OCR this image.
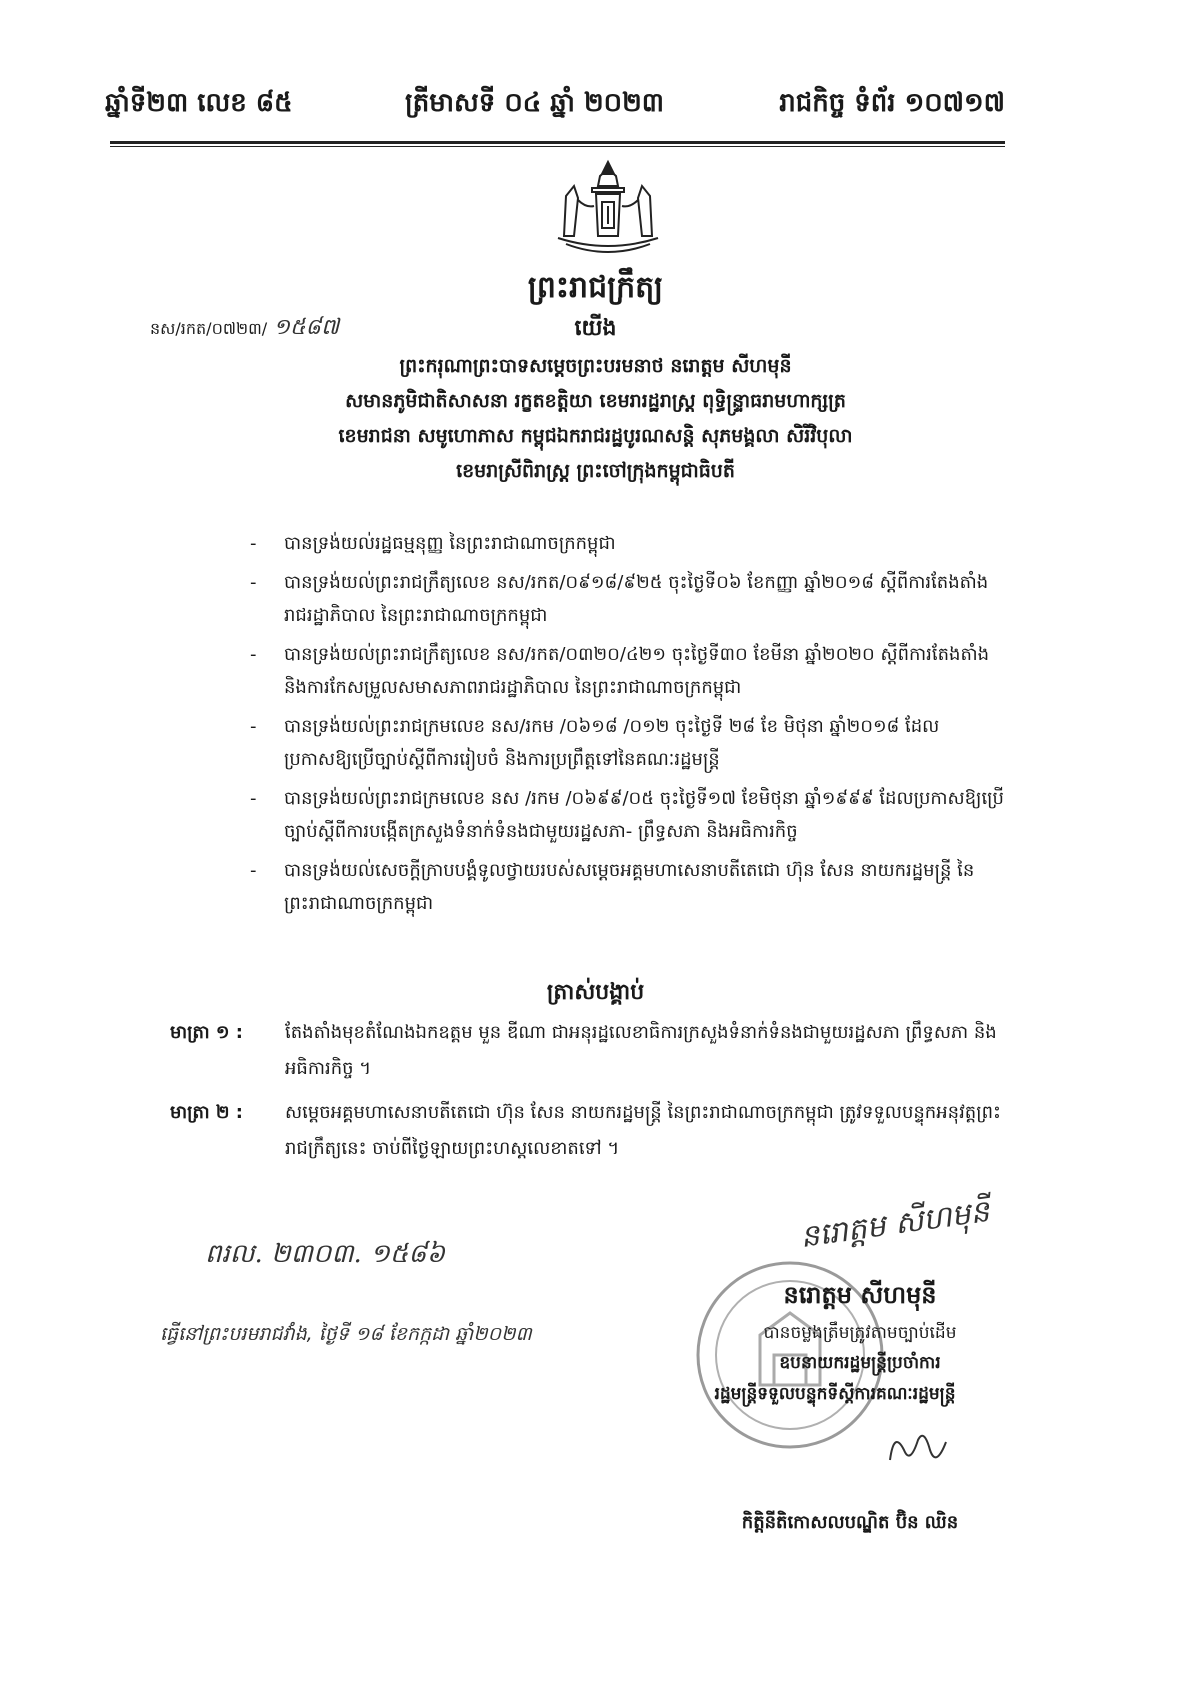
ឆ្នាំទី២៣ លេខ ៨៥	ត្រីមាសទី ០៤ ឆ្នាំ ២០២៣	រាជកិច្ច ទំព័រ ១០៧១៧
ព្រះរាជក្រឹត្យ
នស/រកត/០៧២៣/ ១៥៨៧	យើង
ព្រះករុណាព្រះបាទសម្តេចព្រះបរមនាថ នរោត្តម សីហមុនី
សមានភូមិជាតិសាសនា រក្ខតខត្តិយា ខេមរារដ្ឋរាស្ត្រ ពុទ្ធិន្ទ្រាធរាមហាក្សត្រ
ខេមរាជនា សមូហោភាស កម្ពុជឯករាជរដ្ឋបូរណសន្តិ សុភមង្គលា សិរីវិបុលា
ខេមរាស្រីពិរាស្ត្រ ព្រះចៅក្រុងកម្ពុជាធិបតី
- បានទ្រង់យល់រដ្ឋធម្មនុញ្ញ នៃព្រះរាជាណាចក្រកម្ពុជា
- បានទ្រង់យល់ព្រះរាជក្រឹត្យលេខ នស/រកត/០៩១៨/៩២៥ ចុះថ្ងៃទី០៦ ខែកញ្ញា ឆ្នាំ២០១៨ ស្តីពីការតែងតាំងរាជរដ្ឋាភិបាល នៃព្រះរាជាណាចក្រកម្ពុជា
- បានទ្រង់យល់ព្រះរាជក្រឹត្យលេខ នស/រកត/០៣២០/៤២១ ចុះថ្ងៃទី៣០ ខែមីនា ឆ្នាំ២០២០ ស្តីពីការតែងតាំង និងការកែសម្រួលសមាសភាពរាជរដ្ឋាភិបាល នៃព្រះរាជាណាចក្រកម្ពុជា
- បានទ្រង់យល់ព្រះរាជក្រមលេខ នស/រកម /០៦១៨ /០១២ ចុះថ្ងៃទី ២៨ ខែ មិថុនា ឆ្នាំ២០១៨ ដែលប្រកាសឱ្យប្រើច្បាប់ស្តីពីការរៀបចំ និងការប្រព្រឹត្តទៅនៃគណៈរដ្ឋមន្ត្រី
- បានទ្រង់យល់ព្រះរាជក្រមលេខ នស /រកម /០៦៩៩/០៥ ចុះថ្ងៃទី១៧ ខែមិថុនា ឆ្នាំ១៩៩៩ ដែលប្រកាសឱ្យប្រើច្បាប់ស្តីពីការបង្កើតក្រសួងទំនាក់ទំនងជាមួយរដ្ឋសភា- ព្រឹទ្ធសភា និងអធិការកិច្ច
- បានទ្រង់យល់សេចក្តីក្រាបបង្គំទូលថ្វាយរបស់សម្តេចអគ្គមហាសេនាបតីតេជោ ហ៊ុន សែន នាយករដ្ឋមន្ត្រី នៃព្រះរាជាណាចក្រកម្ពុជា
ត្រាស់បង្គាប់
មាត្រា ១ : តែងតាំងមុខតំណែងឯកឧត្តម មួន ឌីណា ជាអនុរដ្ឋលេខាធិការក្រសួងទំនាក់ទំនងជាមួយរដ្ឋសភា ព្រឹទ្ធសភា និងអធិការកិច្ច ។
មាត្រា ២ : សម្តេចអគ្គមហាសេនាបតីតេជោ ហ៊ុន សែន នាយករដ្ឋមន្ត្រី នៃព្រះរាជាណាចក្រកម្ពុជា ត្រូវទទួលបន្ទុកអនុវត្តព្រះរាជក្រឹត្យនេះ ចាប់ពីថ្ងៃឡាយព្រះហស្តលេខាតទៅ ។
ពរល. ២៣០៣. ១៥៨៦	នរោត្តម សីហមុនី
ធ្វើនៅព្រះបរមរាជវាំង, ថ្ងៃទី ១៨ ខែកក្កដា ឆ្នាំ២០២៣
នរោត្តម សីហមុនី
បានចម្លងត្រឹមត្រូវតាមច្បាប់ដើម
ឧបនាយករដ្ឋមន្ត្រីប្រចាំការ
រដ្ឋមន្ត្រីទទួលបន្ទុកទីស្តីការគណៈរដ្ឋមន្ត្រី
កិត្តិនីតិកោសលបណ្ឌិត ប៊ិន ឈិន
